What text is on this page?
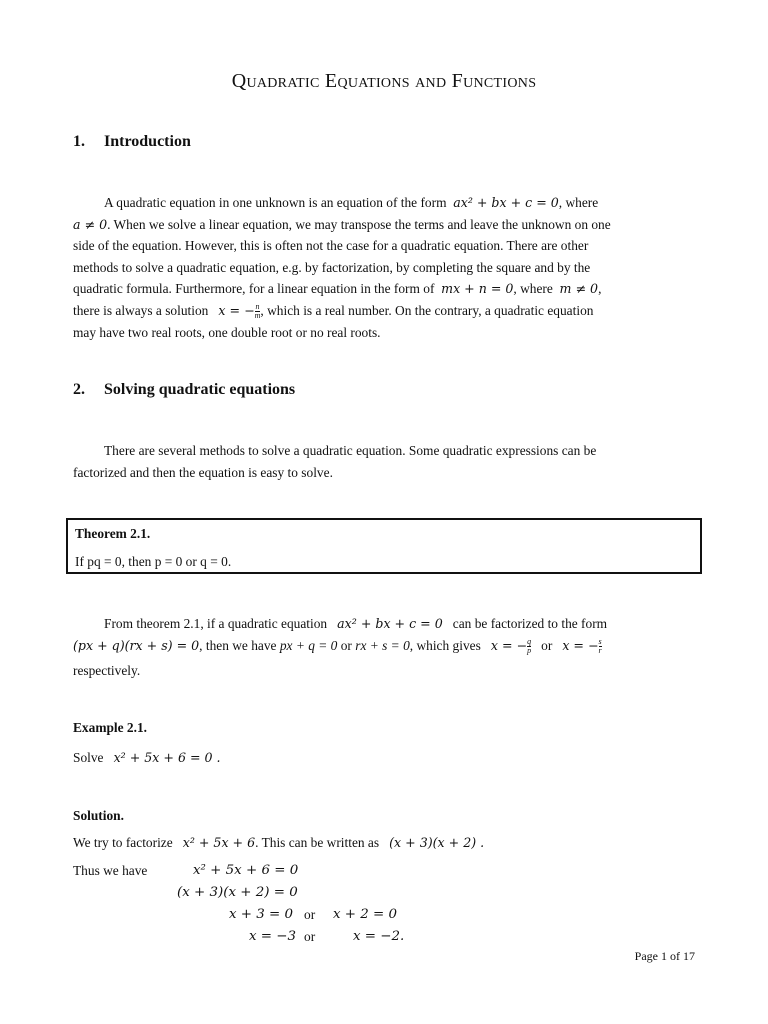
Quadratic Equations and Functions
1. Introduction

A quadratic equation in one unknown is an equation of the form ax² + bx + c = 0, where

a ≠ 0. When we solve a linear equation, we may transpose the terms and leave the unknown on one

side of the equation. However, this is often not the case for a quadratic equation. There are other

methods to solve a quadratic equation, e.g. by factorization, by completing the square and by the

quadratic formula. Furthermore, for a linear equation in the form of mx + n = 0, where m ≠ 0,

there is always a solution x = − $\frac{n}{m}$ , which is a real number. On the contrary, a quadratic equation

may have two real roots, one double root or no real roots.

2. Solving quadratic equations

There are several methods to solve a quadratic equation. Some quadratic expressions can be

factorized and then the equation is easy to solve.

Theorem 2.1.
If pq = 0, then p = 0 or q = 0.

From theorem 2.1, if a quadratic equation ax² + bx + c = 0 can be factorized to the form

(px + q)(rx + s) = 0, then we have px + q = 0 or rx + s = 0, which gives x = − $\frac{q}{p}$ or x = − $\frac{s}{r}$

respectively.

Example 2.1.
Solve x² + 5x + 6 = 0 .
Solution.
We try to factorize x² + 5x + 6. This can be written as (x + 3)(x + 2) .
Thus we have	x² + 5x + 6 = 0
(x + 3)(x + 2) = 0
x + 3 = 0 or x + 2 = 0
x = −3 or	x = −2.
Page 1 of 17
